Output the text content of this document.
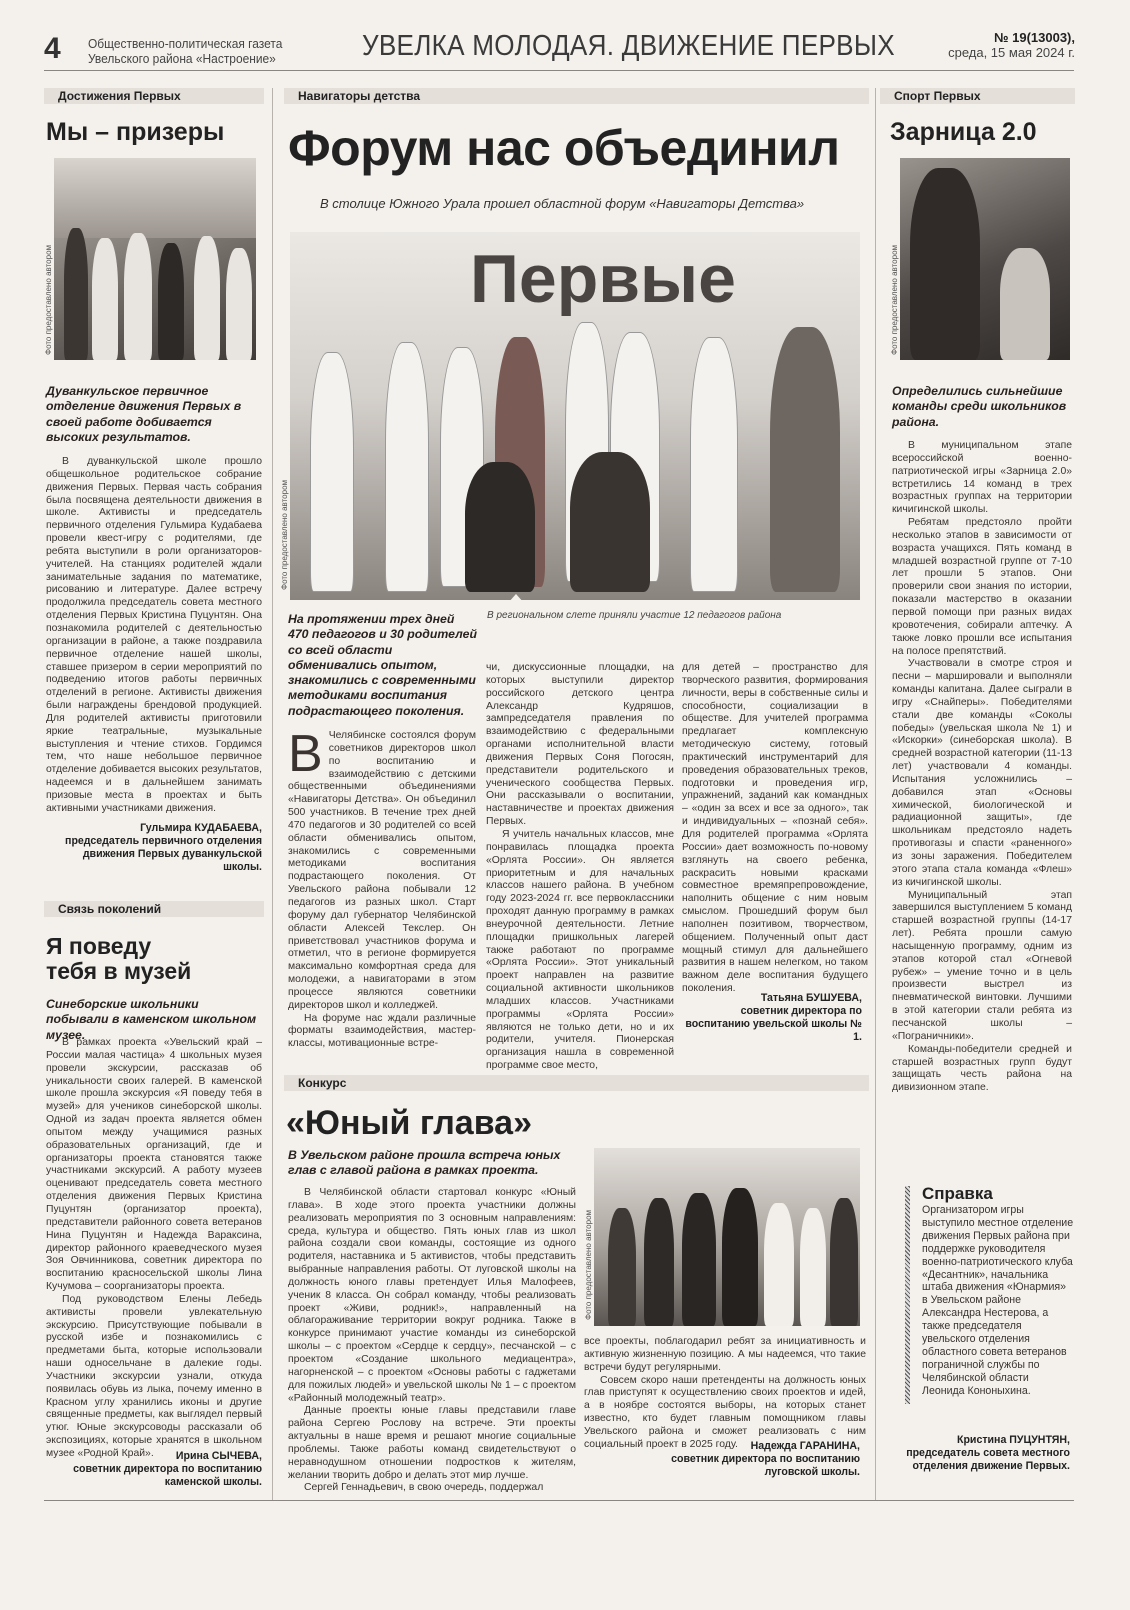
4 Общественно-политическая газета
Увельского района «Настроение»	УВЕЛКА МОЛОДАЯ. ДВИЖЕНИЕ ПЕРВЫХ	№ 19(13003),
среда, 15 мая 2024 г.
Достижения Первых	Навигаторы детства	Спорт Первых
Мы – призеры
Фото предоставлено автором
Дуванкульское первичное отделение движения Первых в своей работе добивается высоких результатов.

В дуванкульской школе прошло общешкольное родительское собрание движения Первых. Первая часть собрания была посвящена деятельности движения в школе. Активисты и председатель первичного отделения Гульмира Кудабаева провели квест-игру с родителями, где ребята выступили в роли организаторов-учителей. На станциях родителей ждали занимательные задания по математике, рисованию и литературе. Далее встречу продолжила председатель совета местного отделения Первых Кристина Пуцунтян. Она познакомила родителей с деятельностью организации в районе, а также поздравила первичное отделение нашей школы, ставшее призером в серии мероприятий по подведению итогов работы первичных отделений в регионе. Активисты движения были награждены брендовой продукцией. Для родителей активисты приготовили яркие театральные, музыкальные выступления и чтение стихов. Гордимся тем, что наше небольшое первичное отделение добивается высоких результатов, надеемся и в дальнейшем занимать призовые места в проектах и быть активными участниками движения.

Гульмира КУДАБАЕВА,
председатель первичного отделения движения Первых дуванкульской школы.
Связь поколений
Я поведу
тебя в музей
Синеборские школьники побывали в каменском школьном музее.

В рамках проекта «Увельский край – России малая частица» 4 школьных музея провели экскурсии, рассказав об уникальности своих галерей. В каменской школе прошла экскурсия «Я поведу тебя в музей» для учеников синеборской школы. Одной из задач проекта является обмен опытом между учащимися разных образовательных организаций, где и организаторы проекта становятся также участниками экскурсий. А работу музеев оценивают председатель совета местного отделения движения Первых Кристина Пуцунтян (организатор проекта), представители районного совета ветеранов Нина Пуцунтян и Надежда Вараксина, директор районного краеведческого музея Зоя Овчинникова, советник директора по воспитанию красносельской школы Лина Кучумова – соорганизаторы проекта.

Под руководством Елены Лебедь активисты провели увлекательную экскурсию. Присутствующие побывали в русской избе и познакомились с предметами быта, которые использовали наши односельчане в далекие годы. Участники экскурсии узнали, откуда появилась обувь из лыка, почему именно в Красном углу хранились иконы и другие священные предметы, как выглядел первый утюг. Юные экскурсоводы рассказали об экспозициях, которые хранятся в школьном музее «Родной Край».	Ирина СЫЧЕВА,
советник директора по воспитанию каменской школы.
Форум нас объединил
В столице Южного Урала прошел областной форум «Навигаторы Детства»
Первые
Фото предоставлено автором
В региональном слете приняли участие 12 педагогов района
На протяжении трех дней 470 педагогов и 30 родителей со всей области обменивались опытом, знакомились с современными методиками воспитания подрастающего поколения.
В Челябинске состоялся форум советников директоров школ по воспитанию и взаимодействию с детскими общественными объединениями «Навигаторы Детства». Он объединил 500 участников. В течение трех дней 470 педагогов и 30 родителей со всей области обменивались опытом, знакомились с современными методиками воспитания подрастающего поколения. От Увельского района побывали 12 педагогов из разных школ. Старт форуму дал губернатор Челябинской области Алексей Текслер. Он приветствовал участников форума и отметил, что в регионе формируется максимально комфортная среда для молодежи, а навигаторами в этом процессе являются советники директоров школ и колледжей.

На форуме нас ждали различные форматы взаимодействия, мастер-классы, мотивационные встре-

чи, дискуссионные площадки, на которых выступили директор российского детского центра Александр Кудряшов, зампредседателя правления по взаимодействию с федеральными органами исполнительной власти движения Первых Соня Погосян, представители родительского и ученического сообщества Первых. Они рассказывали о воспитании, наставничестве и проектах движения Первых.

Я учитель начальных классов, мне понравилась площадка проекта «Орлята России». Он является приоритетным и для начальных классов нашего района. В учебном году 2023-2024 гг. все первоклассники проходят данную программу в рамках внеурочной деятельности. Летние площадки пришкольных лагерей также работают по программе «Орлята России». Этот уникальный проект направлен на развитие социальной активности школьников младших классов. Участниками программы «Орлята России» являются не только дети, но и их родители, учителя. Пионерская организация нашла в современной программе свое место,

для детей – пространство для творческого развития, формирования личности, веры в собственные силы и способности, социализации в обществе. Для учителей программа предлагает комплексную методическую систему, готовый практический инструментарий для проведения образовательных треков, подготовки и проведения игр, упражнений, заданий как командных – «один за всех и все за одного», так и индивидуальных – «познай себя». Для родителей программа «Орлята России» дает возможность по-новому взглянуть на своего ребенка, раскрасить новыми красками совместное времяпрепровождение, наполнить общение с ним новым смыслом. Прошедший форум был наполнен позитивом, творчеством, общением. Полученный опыт даст мощный стимул для дальнейшего развития в нашем нелегком, но таком важном деле воспитания будущего поколения.

Татьяна БУШУЕВА,
советник директора по воспитанию увельской школы № 1.
Конкурс
«Юный глава»
В Увельском районе прошла встреча юных глав с главой района в рамках проекта.

В Челябинской области стартовал конкурс «Юный глава». В ходе этого проекта участники должны реализовать мероприятия по 3 основным направлениям: среда, культура и общество. Пять юных глав из школ района создали свои команды, состоящие из одного родителя, наставника и 5 активистов, чтобы представить выбранные направления работы. От луговской школы на должность юного главы претендует Илья Малофеев, ученик 8 класса. Он собрал команду, чтобы реализовать проект «Живи, родник!», направленный на облагораживание территории вокруг родника. Также в конкурсе принимают участие команды из синеборской школы – с проектом «Сердце к сердцу», песчанской – с проектом «Создание школьного медиацентра», нагорненской – с проектом «Основы работы с гаджетами для пожилых людей» и увельской школы № 1 – с проектом «Районный молодежный театр».

Данные проекты юные главы представили главе района Сергею Рослову на встрече. Эти проекты актуальны в наше время и решают многие социальные проблемы. Также работы команд свидетельствуют о неравнодушном отношении подростков к жителям, желании творить добро и делать этот мир лучше.

Сергей Геннадьевич, в свою очередь, поддержал

Фото предоставлено автором

все проекты, поблагодарил ребят за инициативность и активную жизненную позицию. А мы надеемся, что такие встречи будут регулярными.

Совсем скоро наши претенденты на должность юных глав приступят к осуществлению своих проектов и идей, а в ноябре состоятся выборы, на которых станет известно, кто будет главным помощником главы Увельского района и сможет реализовать с ним социальный проект в 2025 году.	Надежда ГАРАНИНА,
советник директора по воспитанию луговской школы.
Зарница 2.0
Фото предоставлено автором
Определились сильнейшие команды среди школьников района.

В муниципальном этапе всероссийской военно-патриотической игры «Зарница 2.0» встретились 14 команд в трех возрастных группах на территории кичигинской школы.

Ребятам предстояло пройти несколько этапов в зависимости от возраста учащихся. Пять команд в младшей возрастной группе от 7-10 лет прошли 5 этапов. Они проверили свои знания по истории, показали мастерство в оказании первой помощи при разных видах кровотечения, собирали аптечку. А также ловко прошли все испытания на полосе препятствий.

Участвовали в смотре строя и песни – маршировали и выполняли команды капитана. Далее сыграли в игру «Снайперы». Победителями стали две команды «Соколы победы» (увельская школа № 1) и «Искорки» (синеборская школа). В средней возрастной категории (11-13 лет) участвовали 4 команды. Испытания усложнились – добавился этап «Основы химической, биологической и радиационной защиты», где школьникам предстояло надеть противогазы и спасти «раненного» из зоны заражения. Победителем этого этапа стала команда «Флеш» из кичигинской школы.

Муниципальный этап завершился выступлением 5 команд старшей возрастной группы (14-17 лет). Ребята прошли самую насыщенную программу, одним из этапов которой стал «Огневой рубеж» – умение точно и в цель произвести выстрел из пневматической винтовки. Лучшими в этой категории стали ребята из песчанской школы – «Пограничники».

Команды-победители средней и старшей возрастных групп будут защищать честь района на дивизионном этапе.

Справка
Организатором игры выступило местное отделение движения Первых района при поддержке руководителя военно-патриотического клуба «Десантник», начальника штаба движения «Юнармия» в Увельском районе Александра Нестерова, а также председателя увельского отделения областного совета ветеранов пограничной службы по Челябинской области Леонида Кононыхина.
Кристина ПУЦУНТЯН,
председатель совета местного отделения движение Первых.
